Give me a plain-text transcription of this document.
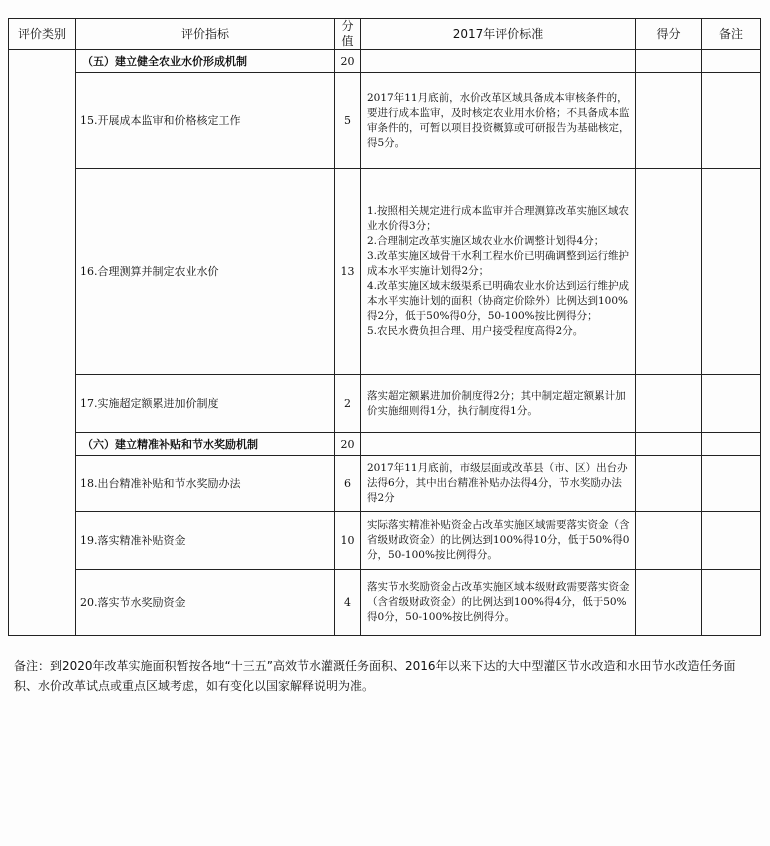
评价类别	评价指标	分值	2017年评价标准	得分	备注
	（五）建立健全农业水价形成机制	20			
	15.开展成本监审和价格核定工作	5	2017年11月底前，水价改革区域具备成本审核条件的，要进行成本监审，及时核定农业用水价格；不具备成本监审条件的，可暂以项目投资概算或可研报告为基础核定，得5分。		
	16.合理测算并制定农业水价	13	1.按照相关规定进行成本监审并合理测算改革实施区域农业水价得3分；
2.合理制定改革实施区域农业水价调整计划得4分；
3.改革实施区域骨干水利工程水价已明确调整到运行维护成本水平实施计划得2分；
4.改革实施区域末级渠系已明确农业水价达到运行维护成本水平实施计划的面积（协商定价除外）比例达到100%得2分，低于50%得0分，50-100%按比例得分；
5.农民水费负担合理、用户接受程度高得2分。		
	17.实施超定额累进加价制度	2	落实超定额累进加价制度得2分；其中制定超定额累计加价实施细则得1分，执行制度得1分。		
	（六）建立精准补贴和节水奖励机制	20			
	18.出台精准补贴和节水奖励办法	6	2017年11月底前，市级层面或改革县（市、区）出台办法得6分，其中出台精准补贴办法得4分，节水奖励办法得2分		
	19.落实精准补贴资金	10	实际落实精准补贴资金占改革实施区域需要落实资金（含省级财政资金）的比例达到100%得10分，低于50%得0分，50-100%按比例得分。		
	20.落实节水奖励资金	4	落实节水奖励资金占改革实施区域本级财政需要落实资金（含省级财政资金）的比例达到100%得4分，低于50%得0分，50-100%按比例得分。		
备注：到2020年改革实施面积暂按各地“十三五”高效节水灌溉任务面积、2016年以来下达的大中型灌区节水改造和水田节水改造任务面积、水价改革试点或重点区域考虑，如有变化以国家解释说明为准。
